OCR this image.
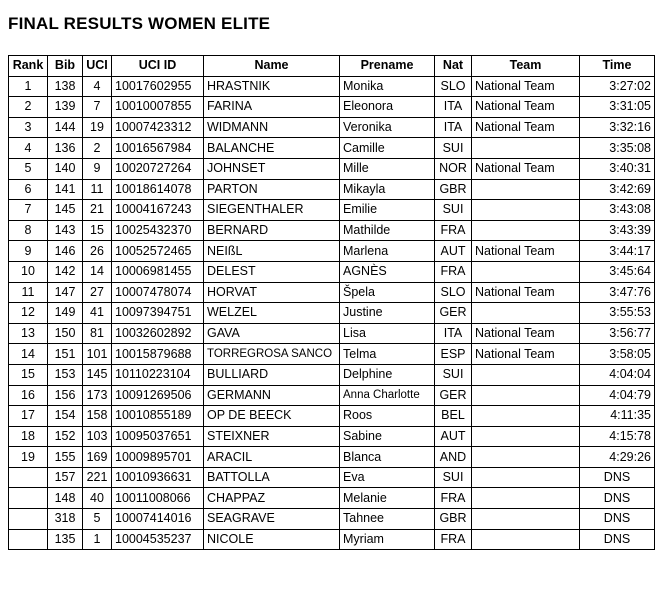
FINAL RESULTS WOMEN ELITE
Rank	Bib	UCI	UCI ID	Name	Prename	Nat	Team	Time
1	138	4	10017602955	HRASTNIK	Monika	SLO	National Team	3:27:02
2	139	7	10010007855	FARINA	Eleonora	ITA	National Team	3:31:05
3	144	19	10007423312	WIDMANN	Veronika	ITA	National Team	3:32:16
4	136	2	10016567984	BALANCHE	Camille	SUI		3:35:08
5	140	9	10020727264	JOHNSET	Mille	NOR	National Team	3:40:31
6	141	11	10018614078	PARTON	Mikayla	GBR		3:42:69
7	145	21	10004167243	SIEGENTHALER	Emilie	SUI		3:43:08
8	143	15	10025432370	BERNARD	Mathilde	FRA		3:43:39
9	146	26	10052572465	NEIßL	Marlena	AUT	National Team	3:44:17
10	142	14	10006981455	DELEST	AGNÈS	FRA		3:45:64
11	147	27	10007478074	HORVAT	Špela	SLO	National Team	3:47:76
12	149	41	10097394751	WELZEL	Justine	GER		3:55:53
13	150	81	10032602892	GAVA	Lisa	ITA	National Team	3:56:77
14	151	101	10015879688	TORREGROSA SANCO	Telma	ESP	National Team	3:58:05
15	153	145	10110223104	BULLIARD	Delphine	SUI		4:04:04
16	156	173	10091269506	GERMANN	Anna Charlotte	GER		4:04:79
17	154	158	10010855189	OP DE BEECK	Roos	BEL		4:11:35
18	152	103	10095037651	STEIXNER	Sabine	AUT		4:15:78
19	155	169	10009895701	ARACIL	Blanca	AND		4:29:26
	157	221	10010936631	BATTOLLA	Eva	SUI		DNS
	148	40	10011008066	CHAPPAZ	Melanie	FRA		DNS
	318	5	10007414016	SEAGRAVE	Tahnee	GBR		DNS
	135	1	10004535237	NICOLE	Myriam	FRA		DNS
